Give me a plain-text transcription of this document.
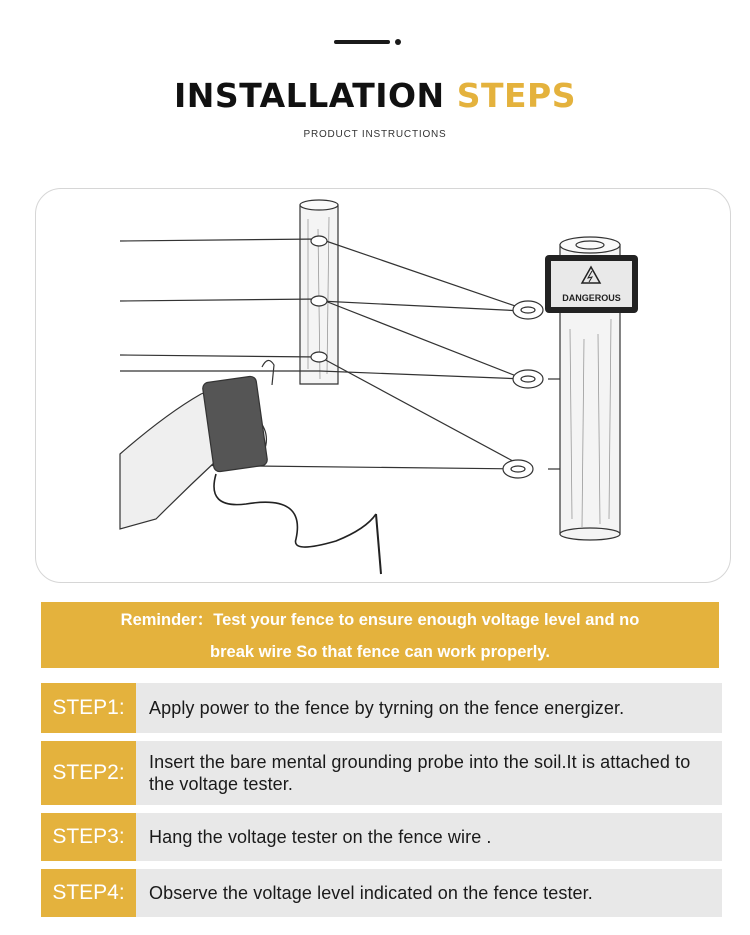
INSTALLATION STEPS
PRODUCT INSTRUCTIONS
DANGEROUS
Reminder：Test your fence to ensure enough voltage level and no
break wire So that fence can work properly.
STEP1:	Apply power to the fence by tyrning on the fence energizer.
STEP2:	Insert the bare mental grounding probe into the soil.It is attached to the voltage tester.
STEP3:	Hang the voltage tester on the fence wire .
STEP4:	Observe the voltage level indicated on the fence tester.
